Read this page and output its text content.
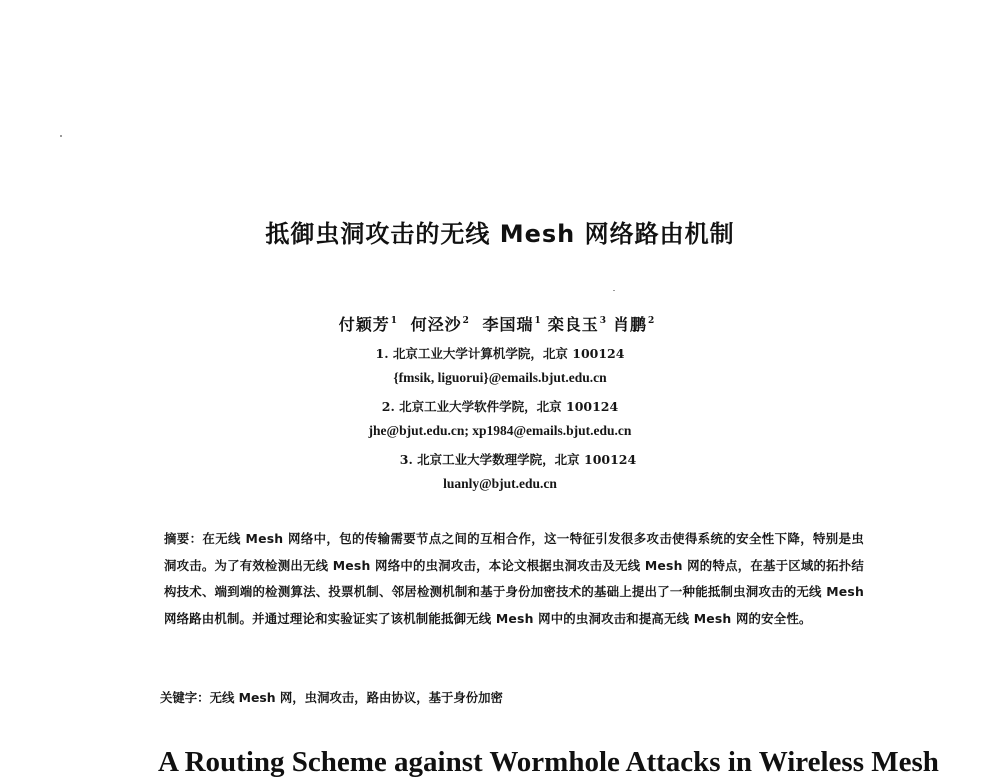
抵御虫洞攻击的无线 Mesh 网络路由机制
付颖芳$^1$ 何泾沙$^2$ 李国瑞$^1$ 栾良玉$^3$ 肖鹏$^2$
1. 北京工业大学计算机学院，北京 100124
{fmsik, liguorui}@emails.bjut.edu.cn
2. 北京工业大学软件学院，北京 100124
jhe@bjut.edu.cn; xp1984@emails.bjut.edu.cn
3. 北京工业大学数理学院，北京 100124
luanly@bjut.edu.cn
摘要：在无线 Mesh 网络中，包的传输需要节点之间的互相合作，这一特征引发很多攻击使得系统的安全性下降，特别是虫洞攻击。为了有效检测出无线 Mesh 网络中的虫洞攻击，本论文根据虫洞攻击及无线 Mesh 网的特点，在基于区域的拓扑结构技术、端到端的检测算法、投票机制、邻居检测机制和基于身份加密技术的基础上提出了一种能抵制虫洞攻击的无线 Mesh 网络路由机制。并通过理论和实验证实了该机制能抵御无线 Mesh 网中的虫洞攻击和提高无线 Mesh 网的安全性。
关键字：无线 Mesh 网，虫洞攻击，路由协议，基于身份加密
A Routing Scheme against Wormhole Attacks in Wireless Mesh
